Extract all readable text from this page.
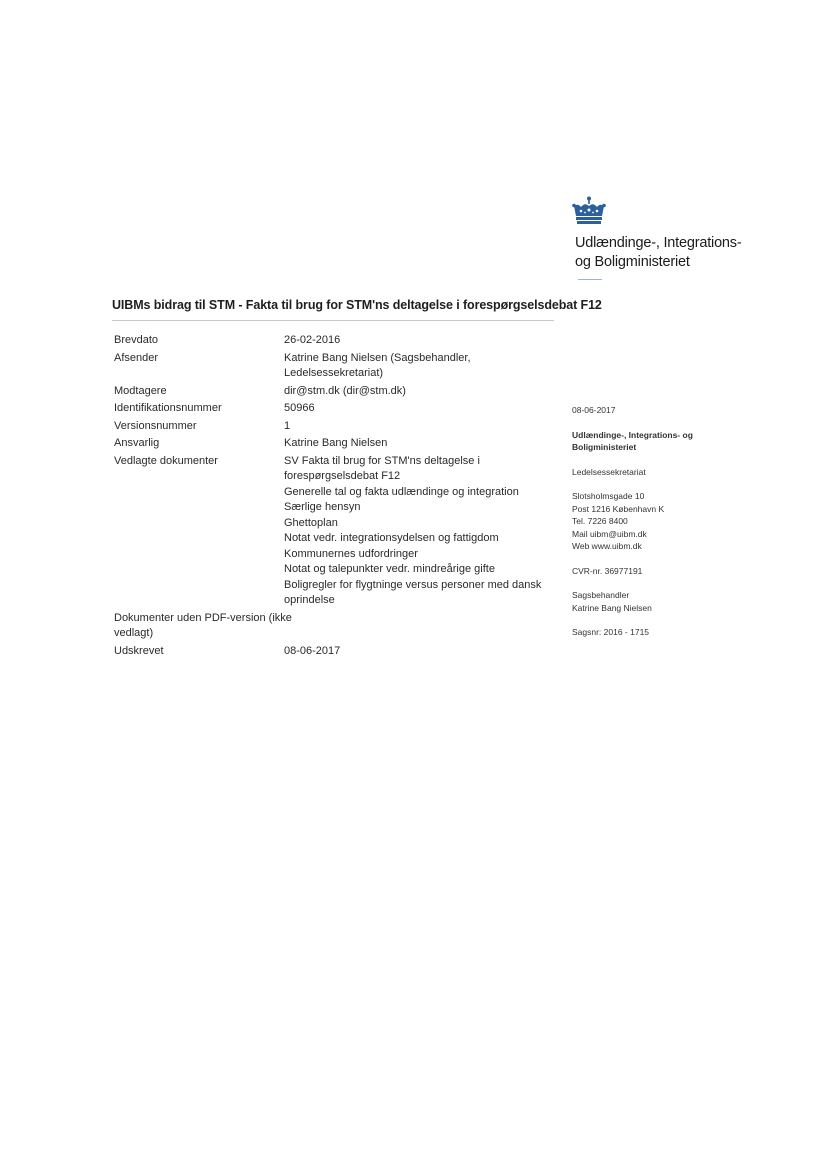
Udlændinge-, Integrations-
og Boligministeriet
UIBMs bidrag til STM - Fakta til brug for STM'ns deltagelse i forespørgselsdebat F12
Brevdato	26-02-2016
Afsender	Katrine Bang Nielsen (Sagsbehandler,
Ledelsessekretariat)
Modtagere	dir@stm.dk (dir@stm.dk)
Identifikationsnummer	50966
Versionsnummer	1
Ansvarlig	Katrine Bang Nielsen
Vedlagte dokumenter	SV Fakta til brug for STM'ns deltagelse i
forespørgselsdebat F12
Generelle tal og fakta udlændinge og integration
Særlige hensyn
Ghettoplan
Notat vedr. integrationsydelsen og fattigdom
Kommunernes udfordringer
Notat og talepunkter vedr. mindreårige gifte
Boligregler for flygtninge versus personer med dansk
oprindelse
Dokumenter uden PDF-version (ikke
vedlagt)
Udskrevet	08-06-2017
08-06-2017
Udlændinge-, Integrations- og
Boligministeriet
Ledelsessekretariat
Slotsholmsgade 10
Post 1216 København K
Tel. 7226 8400
Mail uibm@uibm.dk
Web www.uibm.dk
CVR-nr. 36977191
Sagsbehandler
Katrine Bang Nielsen
Sagsnr: 2016 - 1715
